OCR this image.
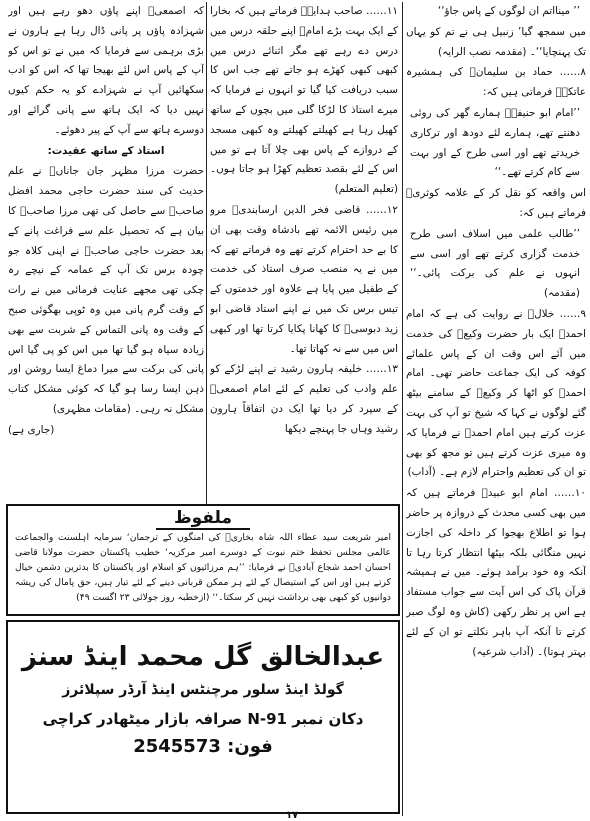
’’ مینااتم ان لوگوں کے پاس جاؤ‘‘

میں سمجھ گیا’ زنبیل ہی نے تم کو یہاں تک پہنچایا‘‘۔ (مقدمہ نصب الرایہ)

۸…… حماد بن سلیمانؒ کی ہمشیرہ عاتکہؒ فرماتی ہیں کہ:

’’امام ابو حنیفہؒ ہمارے گھر کی روئی دھنتے تھے، ہمارے لئے دودھ اور ترکاری خریدتے تھے اور اسی طرح کے اور بہت سے کام کرتے تھے۔‘‘

اس واقعہ کو نقل کر کے علامہ کوثریؒ فرماتے ہیں کہ:

’’طالب علمی میں اسلاف اسی طرح خدمت گزاری کرتے تھے اور اسی سے انہوں نے علم کی برکت پائی۔‘‘ (مقدمہ)

۹…… خلالؒ نے روایت کی ہے کہ امام احمدؒ ایک بار حضرت وکیعؒ کی خدمت میں آئے اس وقت ان کے پاس علمائے کوفہ کی ایک جماعت حاضر تھی۔ امام احمدؒ کو اٹھا کر وکیعؒ کے سامنے بیٹھ گئے لوگوں نے کہا کہ شیخ تو آپ کی بہت عزت کرتے ہیں امام احمدؒ نے فرمایا کہ وہ میری عزت کرتے ہیں تو مجھ کو بھی تو ان کی تعظیم واحترام لازم ہے۔ (آداب)

۱۰…… امام ابو عبیدؒ فرماتے ہیں کہ میں بھی کسی محدث کے دروازہ پر حاضر ہوا تو اطلاع بھجوا کر داخلہ کی اجازت نہیں منگائی بلکہ بیٹھا انتظار کرتا رہا تا آنکہ وہ خود برآمد ہوئے۔ میں نے ہمیشہ قرآن پاک کی اس آیت سے جواب مستفاد ہے اس پر نظر رکھی (کاش وہ لوگ صبر کرتے تا آنکہ آپ باہر نکلتے تو ان کے لئے بہتر ہوتا)۔ (آداب شرعیہ)

۱۱…… صاحب ہدایہؒ فرماتے ہیں کہ بخارا کے ایک بہت بڑے امامؒ اپنے حلقہ درس میں درس دے رہے تھے مگر اثنائے درس میں کبھی کبھی کھڑے ہو جاتے تھے جب اس کا سبب دریافت کیا گیا تو انہوں نے فرمایا کہ میرے استاذ کا لڑکا گلی میں بچوں کے ساتھ کھیل رہا ہے کھیلتے کھیلتے وہ کبھی مسجد کے دروازے کے پاس بھی چلا آتا ہے تو میں اس کے لئے بقصد تعظیم کھڑا ہو جاتا ہوں۔ (تعلیم المتعلم)

۱۲…… قاضی فخر الدین ارسابندیؒ مرو میں رئیس الائمہ تھے بادشاہ وقت بھی ان کا بے حد احترام کرتے تھے وہ فرماتے تھے کہ میں نے یہ منصب صرف استاذ کی خدمت کے طفیل میں پایا ہے علاوہ اور خدمتوں کے تیس برس تک میں نے اپنے استاد قاضی ابو زید دبوسیؒ کا کھانا پکایا کرتا تھا اور کبھی اس میں سے نہ کھاتا تھا۔

۱۳…… خلیفہ ہارون رشید نے اپنے لڑکے کو علم وادب کی تعلیم کے لئے امام اصمعیؒ کے سپرد کر دیا تھا ایک دن اتفاقاً ہارون رشید وہاں جا پہنچے دیکھا

کہ اصمعیؒ اپنے پاؤں دھو رہے ہیں اور شہزادہ پاؤں پر پانی ڈال رہا ہے ہارون نے بڑی برہمی سے فرمایا کہ میں نے تو اس کو آپ کے پاس اس لئے بھیجا تھا کہ اس کو ادب سکھائیں آپ نے شہزادے کو یہ حکم کیوں نہیں دیا کہ ایک ہاتھ سے پانی گرائے اور دوسرے ہاتھ سے آپ کے پیر دھوئے۔

استاذ کے ساتھ عقیدت:

حضرت مرزا مظہر جان جاناںؒ نے علم حدیث کی سند حضرت حاجی محمد افضل صاحبؒ سے حاصل کی تھی مرزا صاحبؒ کا بیان ہے کہ تحصیل علم سے فراغت پانے کے بعد حضرت حاجی صاحبؒ نے اپنی کلاہ جو چودہ برس تک آپ کے عمامہ کے نیچے رہ چکی تھی مجھے عنایت فرمائی میں نے رات کے وقت گرم پانی میں وہ ٹوپی بھگوئی صبح کے وقت وہ پانی التماس کے شربت سے بھی زیادہ سیاہ ہو گیا تھا میں اس کو پی گیا اس پانی کی برکت سے میرا دماغ ایسا روشن اور ذہن ایسا رسا ہو گیا کہ کوئی مشکل کتاب مشکل نہ رہی۔ (مقامات مظہری)

(جاری ہے)

ملفوظ
امیر شریعت سید عطاء اللہ شاہ بخاریؒ کی امنگوں کے ترجمان‘ سرمایہ اہلسنت والجماعت عالمی مجلس تحفظ ختم نبوت کے دوسرے امیر مرکزیہ‘ خطیب پاکستان حضرت مولانا قاضی احسان احمد شجاع آبادیؒ نے فرمایا: ’’ہم مرزائیوں کو اسلام اور پاکستان کا بدترین دشمن خیال کرتے ہیں اور اس کے استیصال کے لئے ہر ممکن قربانی دینے کے لئے تیار ہیں، حق پامال کی ریشہ دوانیوں کو کبھی بھی برداشت نہیں کر سکتا۔‘‘ (ازخطبہ روز جولائی ۲۳ اگست ۴۹)
عبدالخالق گل محمد اینڈ سنز
گولڈ اینڈ سلور مرچنٹس اینڈ آرڈر سپلائرز
دکان نمبر N-91 صرافہ بازار میٹھادر کراچی
فون: 2545573
۱۷
